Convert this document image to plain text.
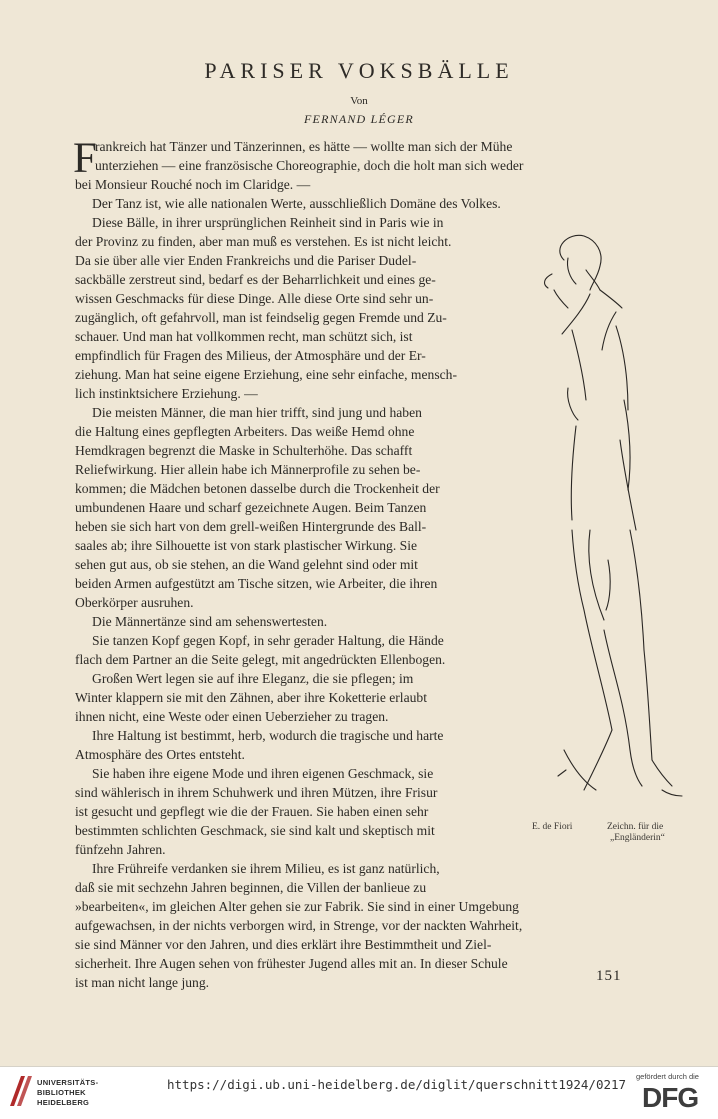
PARISER VOKSBÄLLE
Von
FERNAND LÉGER
F
rankreich hat Tänzer und Tänzerinnen, es hätte — wollte man sich der Mühe
unterziehen — eine französische Choreographie, doch die holt man sich weder
bei Monsieur Rouché noch im Claridge. —
Der Tanz ist, wie alle nationalen Werte, ausschließlich Domäne des Volkes.
Diese Bälle, in ihrer ursprünglichen Reinheit sind in Paris wie in
der Provinz zu finden, aber man muß es verstehen. Es ist nicht leicht.
Da sie über alle vier Enden Frankreichs und die Pariser Dudel-
sackbälle zerstreut sind, bedarf es der Beharrlichkeit und eines ge-
wissen Geschmacks für diese Dinge. Alle diese Orte sind sehr un-
zugänglich, oft gefahrvoll, man ist feindselig gegen Fremde und Zu-
schauer. Und man hat vollkommen recht, man schützt sich, ist
empfindlich für Fragen des Milieus, der Atmosphäre und der Er-
ziehung. Man hat seine eigene Erziehung, eine sehr einfache, mensch-
lich instinktsichere Erziehung. —
Die meisten Männer, die man hier trifft, sind jung und haben
die Haltung eines gepflegten Arbeiters. Das weiße Hemd ohne
Hemdkragen begrenzt die Maske in Schulterhöhe. Das schafft
Reliefwirkung. Hier allein habe ich Männerprofile zu sehen be-
kommen; die Mädchen betonen dasselbe durch die Trockenheit der
umbundenen Haare und scharf gezeichnete Augen. Beim Tanzen
heben sie sich hart von dem grell-weißen Hintergrunde des Ball-
saales ab; ihre Silhouette ist von stark plastischer Wirkung. Sie
sehen gut aus, ob sie stehen, an die Wand gelehnt sind oder mit
beiden Armen aufgestützt am Tische sitzen, wie Arbeiter, die ihren
Oberkörper ausruhen.
Die Männertänze sind am sehenswertesten.
Sie tanzen Kopf gegen Kopf, in sehr gerader Haltung, die Hände
flach dem Partner an die Seite gelegt, mit angedrückten Ellenbogen.
Großen Wert legen sie auf ihre Eleganz, die sie pflegen; im
Winter klappern sie mit den Zähnen, aber ihre Koketterie erlaubt
ihnen nicht, eine Weste oder einen Ueberzieher zu tragen.
Ihre Haltung ist bestimmt, herb, wodurch die tragische und harte
Atmosphäre des Ortes entsteht.
Sie haben ihre eigene Mode und ihren eigenen Geschmack, sie
sind wählerisch in ihrem Schuhwerk und ihren Mützen, ihre Frisur
ist gesucht und gepflegt wie die der Frauen. Sie haben einen sehr
bestimmten schlichten Geschmack, sie sind kalt und skeptisch mit
fünfzehn Jahren.
Ihre Frühreife verdanken sie ihrem Milieu, es ist ganz natürlich,
daß sie mit sechzehn Jahren beginnen, die Villen der banlieue zu
»bearbeiten«, im gleichen Alter gehen sie zur Fabrik. Sie sind in einer Umgebung
aufgewachsen, in der nichts verborgen wird, in Strenge, vor der nackten Wahrheit,
sie sind Männer vor den Jahren, und dies erklärt ihre Bestimmtheit und Ziel-
sicherheit. Ihre Augen sehen von frühester Jugend alles mit an. In dieser Schule
ist man nicht lange jung.
E. de Fiori	Zeichn. für die
„Engländerin“
151
UNIVERSITÄTS-
BIBLIOTHEK
HEIDELBERG
https://digi.ub.uni-heidelberg.de/diglit/querschnitt1924/0217
gefördert durch die
DFG
